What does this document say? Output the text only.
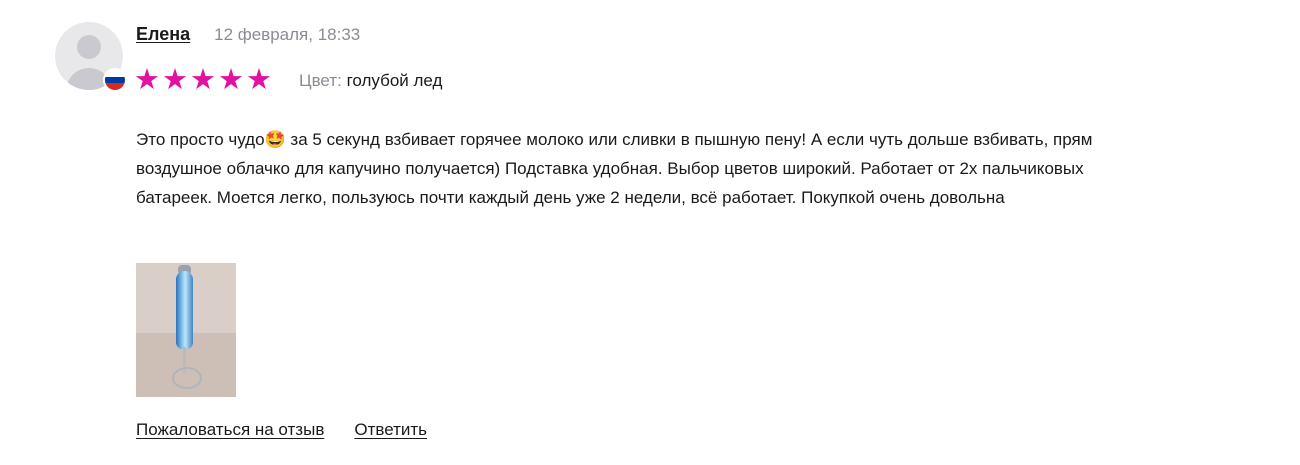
Елена 12 февраля, 18:33
★ ★ ★ ★ ★ Цвет: голубой лед
Это просто чудо🤩 за 5 секунд взбивает горячее молоко или сливки в пышную пену! А если чуть дольше взбивать, прям воздушное облачко для капучино получается) Подставка удобная. Выбор цветов широкий. Работает от 2х пальчиковых батареек. Моется легко, пользуюсь почти каждый день уже 2 недели, всё работает. Покупкой очень довольна
Пожаловаться на отзыв Ответить
